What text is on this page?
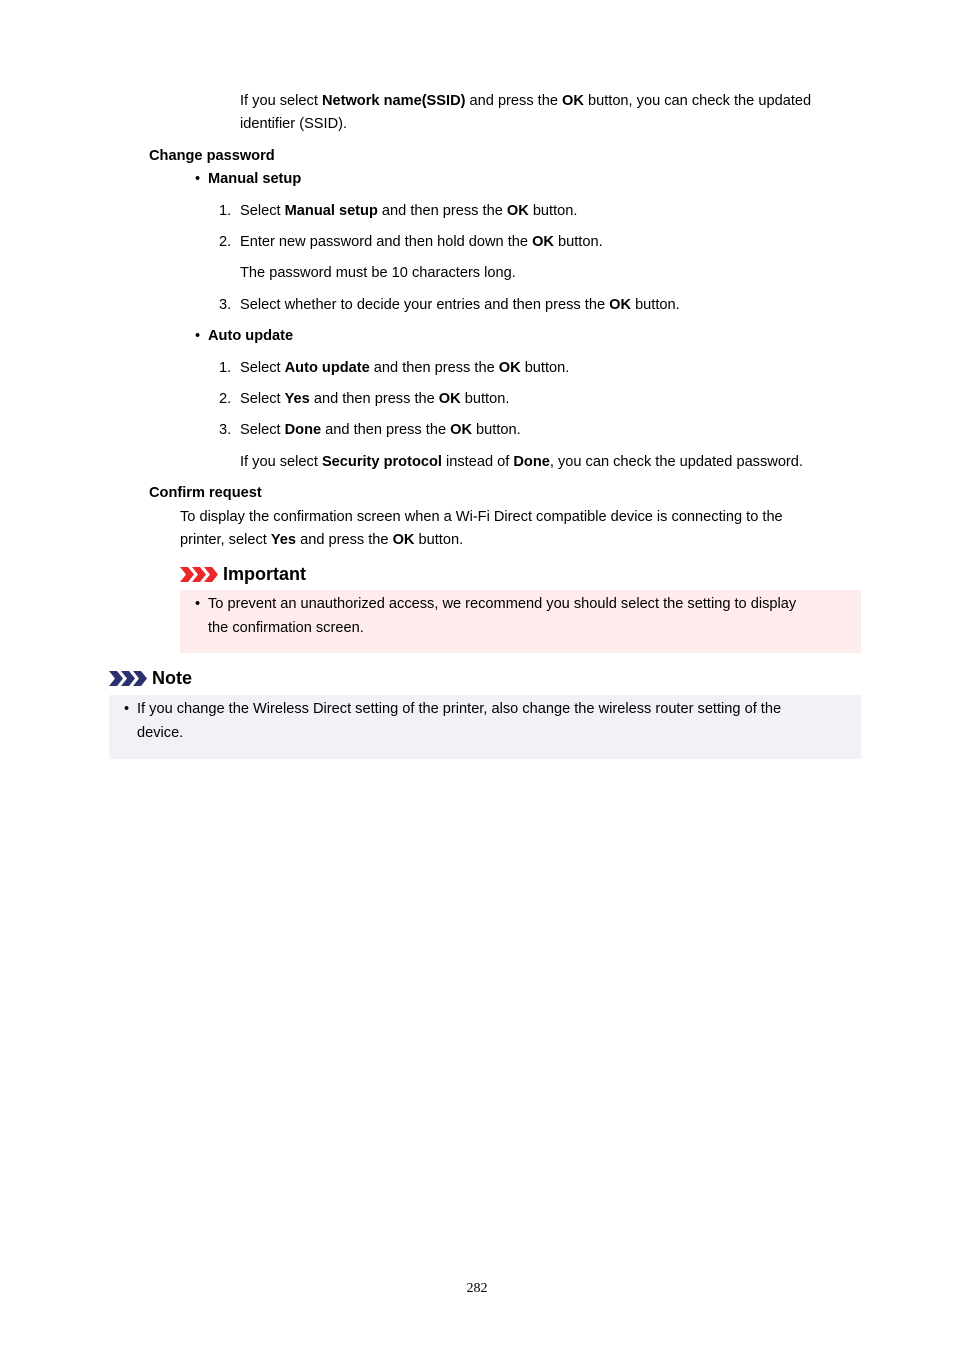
If you select Network name(SSID) and press the OK button, you can check the updated
identifier (SSID).
Change password
• Manual setup
1. Select Manual setup and then press the OK button.
2. Enter new password and then hold down the OK button.
The password must be 10 characters long.
3. Select whether to decide your entries and then press the OK button.
• Auto update
1. Select Auto update and then press the OK button.
2. Select Yes and then press the OK button.
3. Select Done and then press the OK button.
If you select Security protocol instead of Done, you can check the updated password.
Confirm request
To display the confirmation screen when a Wi-Fi Direct compatible device is connecting to the
printer, select Yes and press the OK button.
Important
• To prevent an unauthorized access, we recommend you should select the setting to display
the confirmation screen.
Note
• If you change the Wireless Direct setting of the printer, also change the wireless router setting of the
device.
282
